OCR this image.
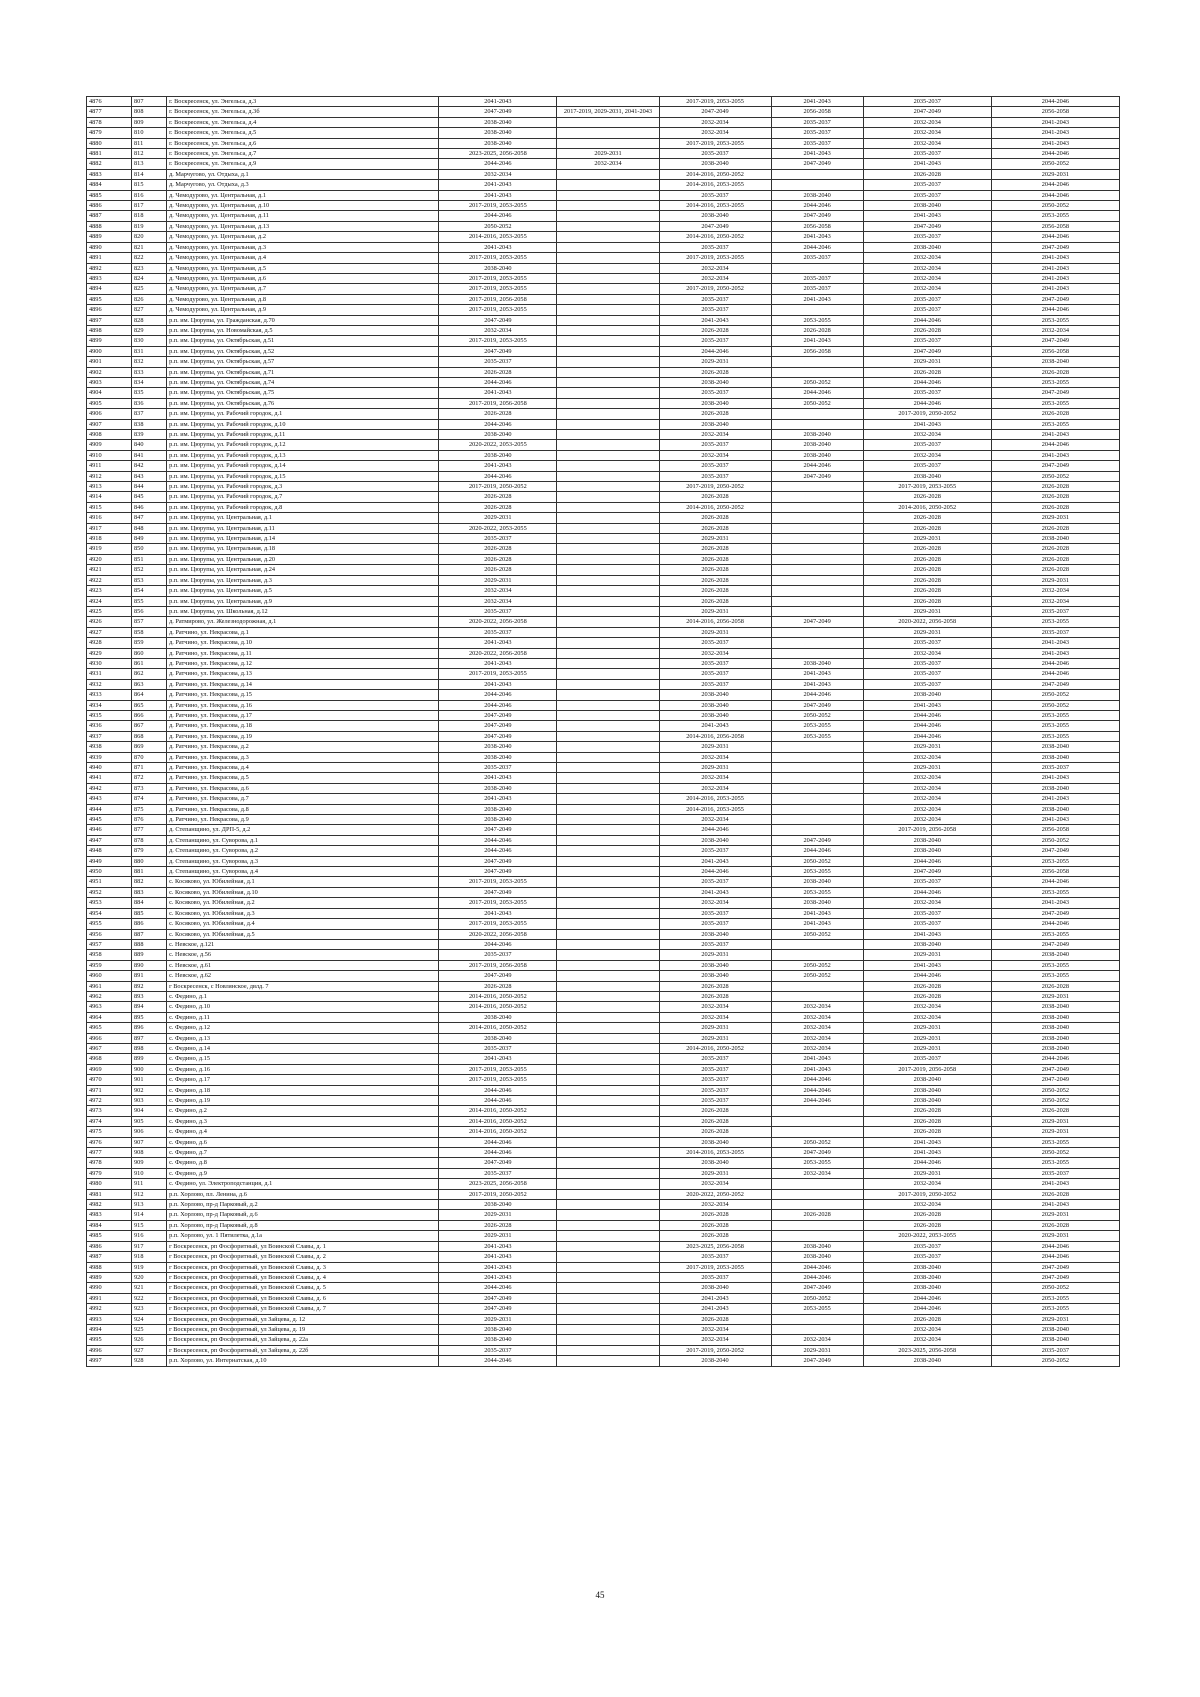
4876	807	г. Воскресенск, ул. Энгельса, д.3	2041-2043		2017-2019, 2053-2055	2041-2043	2035-2037	2044-2046
4877	808	г. Воскресенск, ул. Энгельса, д.3б	2047-2049	2017-2019, 2029-2031, 2041-2043	2047-2049	2056-2058	2047-2049	2056-2058
4878	809	г. Воскресенск, ул. Энгельса, д.4	2038-2040		2032-2034	2035-2037	2032-2034	2041-2043
4879	810	г. Воскресенск, ул. Энгельса, д.5	2038-2040		2032-2034	2035-2037	2032-2034	2041-2043
4880	811	г. Воскресенск, ул. Энгельса, д.6	2038-2040		2017-2019, 2053-2055	2035-2037	2032-2034	2041-2043
4881	812	г. Воскресенск, ул. Энгельса, д.7	2023-2025, 2056-2058	2029-2031	2035-2037	2041-2043	2035-2037	2044-2046
4882	813	г. Воскресенск, ул. Энгельса, д.9	2044-2046	2032-2034	2038-2040	2047-2049	2041-2043	2050-2052
4883	814	д. Марчуговo, ул. Отдыха, д.1	2032-2034		2014-2016, 2050-2052		2026-2028	2029-2031
4884	815	д. Марчуговo, ул. Отдыха, д.3	2041-2043		2014-2016, 2053-2055		2035-2037	2044-2046
4885	816	д. Чемодурово, ул. Центральная, д.1	2041-2043		2035-2037	2038-2040	2035-2037	2044-2046
4886	817	д. Чемодурово, ул. Центральная, д.10	2017-2019, 2053-2055		2014-2016, 2053-2055	2044-2046	2038-2040	2050-2052
4887	818	д. Чемодурово, ул. Центральная, д.11	2044-2046		2038-2040	2047-2049	2041-2043	2053-2055
4888	819	д. Чемодурово, ул. Центральная, д.13	2050-2052		2047-2049	2056-2058	2047-2049	2056-2058
4889	820	д. Чемодурово, ул. Центральная, д.2	2014-2016, 2053-2055		2014-2016, 2050-2052	2041-2043	2035-2037	2044-2046
4890	821	д. Чемодурово, ул. Центральная, д.3	2041-2043		2035-2037	2044-2046	2038-2040	2047-2049
4891	822	д. Чемодурово, ул. Центральная, д.4	2017-2019, 2053-2055		2017-2019, 2053-2055	2035-2037	2032-2034	2041-2043
4892	823	д. Чемодурово, ул. Центральная, д.5	2038-2040		2032-2034		2032-2034	2041-2043
4893	824	д. Чемодурово, ул. Центральная, д.6	2017-2019, 2053-2055		2032-2034	2035-2037	2032-2034	2041-2043
4894	825	д. Чемодурово, ул. Центральная, д.7	2017-2019, 2053-2055		2017-2019, 2050-2052	2035-2037	2032-2034	2041-2043
4895	826	д. Чемодурово, ул. Центральная, д.8	2017-2019, 2056-2058		2035-2037	2041-2043	2035-2037	2047-2049
4896	827	д. Чемодурово, ул. Центральная, д.9	2017-2019, 2053-2055		2035-2037		2035-2037	2044-2046
4897	828	р.п. им. Цюрупы, ул. Гражданская, д.70	2047-2049		2041-2043	2053-2055	2044-2046	2053-2055
4898	829	р.п. им. Цюрупы, ул. Новомайская, д.5	2032-2034		2026-2028	2026-2028	2026-2028	2032-2034
4899	830	р.п. им. Цюрупы, ул. Октябрьская, д.51	2017-2019, 2053-2055		2035-2037	2041-2043	2035-2037	2047-2049
4900	831	р.п. им. Цюрупы, ул. Октябрьская, д.52	2047-2049		2044-2046	2056-2058	2047-2049	2056-2058
4901	832	р.п. им. Цюрупы, ул. Октябрьская, д.57	2035-2037		2029-2031		2029-2031	2038-2040
4902	833	р.п. им. Цюрупы, ул. Октябрьская, д.71	2026-2028		2026-2028		2026-2028	2026-2028
4903	834	р.п. им. Цюрупы, ул. Октябрьская, д.74	2044-2046		2038-2040	2050-2052	2044-2046	2053-2055
4904	835	р.п. им. Цюрупы, ул. Октябрьская, д.75	2041-2043		2035-2037	2044-2046	2035-2037	2047-2049
4905	836	р.п. им. Цюрупы, ул. Октябрьская, д.76	2017-2019, 2056-2058		2038-2040	2050-2052	2044-2046	2053-2055
4906	837	р.п. им. Цюрупы, ул. Рабочий городок, д.1	2026-2028		2026-2028		2017-2019, 2050-2052	2026-2028
4907	838	р.п. им. Цюрупы, ул. Рабочий городок, д.10	2044-2046		2038-2040		2041-2043	2053-2055
4908	839	р.п. им. Цюрупы, ул. Рабочий городок, д.11	2038-2040		2032-2034	2038-2040	2032-2034	2041-2043
4909	840	р.п. им. Цюрупы, ул. Рабочий городок, д.12	2020-2022, 2053-2055		2035-2037	2038-2040	2035-2037	2044-2046
4910	841	р.п. им. Цюрупы, ул. Рабочий городок, д.13	2038-2040		2032-2034	2038-2040	2032-2034	2041-2043
4911	842	р.п. им. Цюрупы, ул. Рабочий городок, д.14	2041-2043		2035-2037	2044-2046	2035-2037	2047-2049
4912	843	р.п. им. Цюрупы, ул. Рабочий городок, д.15	2044-2046		2035-2037	2047-2049	2038-2040	2050-2052
4913	844	р.п. им. Цюрупы, ул. Рабочий городок, д.3	2017-2019, 2050-2052		2017-2019, 2050-2052		2017-2019, 2053-2055	2026-2028
4914	845	р.п. им. Цюрупы, ул. Рабочий городок, д.7	2026-2028		2026-2028		2026-2028	2026-2028
4915	846	р.п. им. Цюрупы, ул. Рабочий городок, д.8	2026-2028		2014-2016, 2050-2052		2014-2016, 2050-2052	2026-2028
4916	847	р.п. им. Цюрупы, ул. Центральная, д.1	2029-2031		2026-2028		2026-2028	2029-2031
4917	848	р.п. им. Цюрупы, ул. Центральная, д.11	2020-2022, 2053-2055		2026-2028		2026-2028	2026-2028
4918	849	р.п. им. Цюрупы, ул. Центральная, д.14	2035-2037		2029-2031		2029-2031	2038-2040
4919	850	р.п. им. Цюрупы, ул. Центральная, д.18	2026-2028		2026-2028		2026-2028	2026-2028
4920	851	р.п. им. Цюрупы, ул. Центральная, д.20	2026-2028		2026-2028		2026-2028	2026-2028
4921	852	р.п. им. Цюрупы, ул. Центральная, д.24	2026-2028		2026-2028		2026-2028	2026-2028
4922	853	р.п. им. Цюрупы, ул. Центральная, д.3	2029-2031		2026-2028		2026-2028	2029-2031
4923	854	р.п. им. Цюрупы, ул. Центральная, д.5	2032-2034		2026-2028		2026-2028	2032-2034
4924	855	р.п. им. Цюрупы, ул. Центральная, д.9	2032-2034		2026-2028		2026-2028	2032-2034
4925	856	р.п. им. Цюрупы, ул. Школьная, д.12	2035-2037		2029-2031		2029-2031	2035-2037
4926	857	д. Ратмирово, ул. Железнодорожная, д.1	2020-2022, 2056-2058		2014-2016, 2056-2058	2047-2049	2020-2022, 2056-2058	2053-2055
4927	858	д. Ратчино, ул. Некрасова, д.1	2035-2037		2029-2031		2029-2031	2035-2037
4928	859	д. Ратчино, ул. Некрасова, д.10	2041-2043		2035-2037		2035-2037	2041-2043
4929	860	д. Ратчино, ул. Некрасова, д.11	2020-2022, 2056-2058		2032-2034		2032-2034	2041-2043
4930	861	д. Ратчино, ул. Некрасова, д.12	2041-2043		2035-2037	2038-2040	2035-2037	2044-2046
4931	862	д. Ратчино, ул. Некрасова, д.13	2017-2019, 2053-2055		2035-2037	2041-2043	2035-2037	2044-2046
4932	863	д. Ратчино, ул. Некрасова, д.14	2041-2043		2035-2037	2041-2043	2035-2037	2047-2049
4933	864	д. Ратчино, ул. Некрасова, д.15	2044-2046		2038-2040	2044-2046	2038-2040	2050-2052
4934	865	д. Ратчино, ул. Некрасова, д.16	2044-2046		2038-2040	2047-2049	2041-2043	2050-2052
4935	866	д. Ратчино, ул. Некрасова, д.17	2047-2049		2038-2040	2050-2052	2044-2046	2053-2055
4936	867	д. Ратчино, ул. Некрасова, д.18	2047-2049		2041-2043	2053-2055	2044-2046	2053-2055
4937	868	д. Ратчино, ул. Некрасова, д.19	2047-2049		2014-2016, 2056-2058	2053-2055	2044-2046	2053-2055
4938	869	д. Ратчино, ул. Некрасова, д.2	2038-2040		2029-2031		2029-2031	2038-2040
4939	870	д. Ратчино, ул. Некрасова, д.3	2038-2040		2032-2034		2032-2034	2038-2040
4940	871	д. Ратчино, ул. Некрасова, д.4	2035-2037		2029-2031		2029-2031	2035-2037
4941	872	д. Ратчино, ул. Некрасова, д.5	2041-2043		2032-2034		2032-2034	2041-2043
4942	873	д. Ратчино, ул. Некрасова, д.6	2038-2040		2032-2034		2032-2034	2038-2040
4943	874	д. Ратчино, ул. Некрасова, д.7	2041-2043		2014-2016, 2053-2055		2032-2034	2041-2043
4944	875	д. Ратчино, ул. Некрасова, д.8	2038-2040		2014-2016, 2053-2055		2032-2034	2038-2040
4945	876	д. Ратчино, ул. Некрасова, д.9	2038-2040		2032-2034		2032-2034	2041-2043
4946	877	д. Степанщино, ул. ДРП-5, д.2	2047-2049		2044-2046		2017-2019, 2056-2058	2056-2058
4947	878	д. Степанщино, ул. Суворова, д.1	2044-2046		2038-2040	2047-2049	2038-2040	2050-2052
4948	879	д. Степанщино, ул. Суворова, д.2	2044-2046		2035-2037	2044-2046	2038-2040	2047-2049
4949	880	д. Степанщино, ул. Суворова, д.3	2047-2049		2041-2043	2050-2052	2044-2046	2053-2055
4950	881	д. Степанщино, ул. Суворова, д.4	2047-2049		2044-2046	2053-2055	2047-2049	2056-2058
4951	882	с. Косяково, ул. Юбилейная, д.1	2017-2019, 2053-2055		2035-2037	2038-2040	2035-2037	2044-2046
4952	883	с. Косяково, ул. Юбилейная, д.10	2047-2049		2041-2043	2053-2055	2044-2046	2053-2055
4953	884	с. Косяково, ул. Юбилейная, д.2	2017-2019, 2053-2055		2032-2034	2038-2040	2032-2034	2041-2043
4954	885	с. Косяково, ул. Юбилейная, д.3	2041-2043		2035-2037	2041-2043	2035-2037	2047-2049
4955	886	с. Косяково, ул. Юбилейная, д.4	2017-2019, 2053-2055		2035-2037	2041-2043	2035-2037	2044-2046
4956	887	с. Косяково, ул. Юбилейная, д.5	2020-2022, 2056-2058		2038-2040	2050-2052	2041-2043	2053-2055
4957	888	с. Невское, д.121	2044-2046		2035-2037		2038-2040	2047-2049
4958	889	с. Невское, д.56	2035-2037		2029-2031		2029-2031	2038-2040
4959	890	с. Невское, д.61	2017-2019, 2056-2058		2038-2040	2050-2052	2041-2043	2053-2055
4960	891	с. Невское, д.62	2047-2049		2038-2040	2050-2052	2044-2046	2053-2055
4961	892	г Воскресенск, с Новлянское, двлд. 7	2026-2028		2026-2028		2026-2028	2026-2028
4962	893	с. Федино, д.1	2014-2016, 2050-2052		2026-2028		2026-2028	2029-2031
4963	894	с. Федино, д.10	2014-2016, 2050-2052		2032-2034	2032-2034	2032-2034	2038-2040
4964	895	с. Федино, д.11	2038-2040		2032-2034	2032-2034	2032-2034	2038-2040
4965	896	с. Федино, д.12	2014-2016, 2050-2052		2029-2031	2032-2034	2029-2031	2038-2040
4966	897	с. Федино, д.13	2038-2040		2029-2031	2032-2034	2029-2031	2038-2040
4967	898	с. Федино, д.14	2035-2037		2014-2016, 2050-2052	2032-2034	2029-2031	2038-2040
4968	899	с. Федино, д.15	2041-2043		2035-2037	2041-2043	2035-2037	2044-2046
4969	900	с. Федино, д.16	2017-2019, 2053-2055		2035-2037	2041-2043	2017-2019, 2056-2058	2047-2049
4970	901	с. Федино, д.17	2017-2019, 2053-2055		2035-2037	2044-2046	2038-2040	2047-2049
4971	902	с. Федино, д.18	2044-2046		2035-2037	2044-2046	2038-2040	2050-2052
4972	903	с. Федино, д.19	2044-2046		2035-2037	2044-2046	2038-2040	2050-2052
4973	904	с. Федино, д.2	2014-2016, 2050-2052		2026-2028		2026-2028	2026-2028
4974	905	с. Федино, д.3	2014-2016, 2050-2052		2026-2028		2026-2028	2029-2031
4975	906	с. Федино, д.4	2014-2016, 2050-2052		2026-2028		2026-2028	2029-2031
4976	907	с. Федино, д.6	2044-2046		2038-2040	2050-2052	2041-2043	2053-2055
4977	908	с. Федино, д.7	2044-2046		2014-2016, 2053-2055	2047-2049	2041-2043	2050-2052
4978	909	с. Федино, д.8	2047-2049		2038-2040	2053-2055	2044-2046	2053-2055
4979	910	с. Федино, д.9	2035-2037		2029-2031	2032-2034	2029-2031	2035-2037
4980	911	с. Федино, ул. Электроподстанция, д.1	2023-2025, 2056-2058		2032-2034		2032-2034	2041-2043
4981	912	р.п. Хорлово, пл. Ленина, д.6	2017-2019, 2050-2052		2020-2022, 2050-2052		2017-2019, 2050-2052	2026-2028
4982	913	р.п. Хорлово, пр-д Парковый, д.2	2038-2040		2032-2034		2032-2034	2041-2043
4983	914	р.п. Хорлово, пр-д Парковый, д.6	2029-2031		2026-2028	2026-2028	2026-2028	2029-2031
4984	915	р.п. Хорлово, пр-д Парковый, д.8	2026-2028		2026-2028		2026-2028	2026-2028
4985	916	р.п. Хорлово, ул. 1 Пятилетка, д.1а	2029-2031		2026-2028		2020-2022, 2053-2055	2029-2031
4986	917	г Воскресенск, рп Фосфоритный, ул Воинской Славы, д. 1	2041-2043		2023-2025, 2056-2058	2038-2040	2035-2037	2044-2046
4987	918	г Воскресенск, рп Фосфоритный, ул Воинской Славы, д. 2	2041-2043		2035-2037	2038-2040	2035-2037	2044-2046
4988	919	г Воскресенск, рп Фосфоритный, ул Воинской Славы, д. 3	2041-2043		2017-2019, 2053-2055	2044-2046	2038-2040	2047-2049
4989	920	г Воскресенск, рп Фосфоритный, ул Воинской Славы, д. 4	2041-2043		2035-2037	2044-2046	2038-2040	2047-2049
4990	921	г Воскресенск, рп Фосфоритный, ул Воинской Славы, д. 5	2044-2046		2038-2040	2047-2049	2038-2040	2050-2052
4991	922	г Воскресенск, рп Фосфоритный, ул Воинской Славы, д. 6	2047-2049		2041-2043	2050-2052	2044-2046	2053-2055
4992	923	г Воскресенск, рп Фосфоритный, ул Воинской Славы, д. 7	2047-2049		2041-2043	2053-2055	2044-2046	2053-2055
4993	924	г Воскресенск, рп Фосфоритный, ул Зайцева, д. 12	2029-2031		2026-2028		2026-2028	2029-2031
4994	925	г Воскресенск, рп Фосфоритный, ул Зайцева, д. 19	2038-2040		2032-2034		2032-2034	2038-2040
4995	926	г Воскресенск, рп Фосфоритный, ул Зайцева, д. 22а	2038-2040		2032-2034	2032-2034	2032-2034	2038-2040
4996	927	г Воскресенск, рп Фосфоритный, ул Зайцева, д. 22б	2035-2037		2017-2019, 2050-2052	2029-2031	2023-2025, 2056-2058	2035-2037
4997	928	р.п. Хорлово, ул. Интернатская, д.10	2044-2046		2038-2040	2047-2049	2038-2040	2050-2052
45
